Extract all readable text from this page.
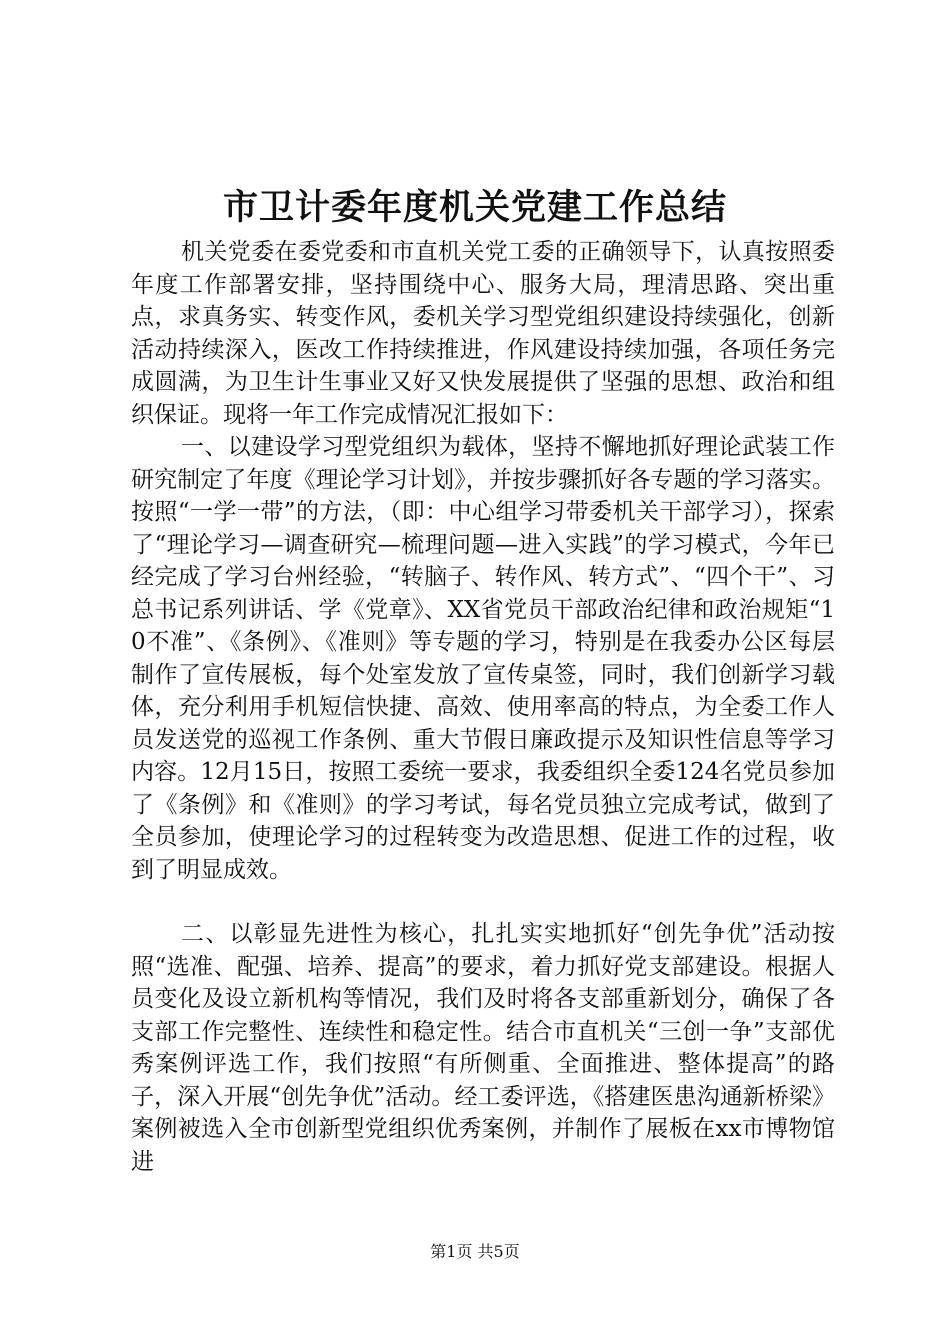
市卫计委年度机关党建工作总结

机关党委在委党委和市直机关党工委的正确领导下，认真按照委年度工作部署安排，坚持围绕中心、服务大局，理清思路、突出重点，求真务实、转变作风，委机关学习型党组织建设持续强化，创新活动持续深入，医改工作持续推进，作风建设持续加强，各项任务完成圆满，为卫生计生事业又好又快发展提供了坚强的思想、政治和组织保证。现将一年工作完成情况汇报如下：

一、以建设学习型党组织为载体，坚持不懈地抓好理论武装工作研究制定了年度《理论学习计划》，并按步骤抓好各专题的学习落实。按照“一学一带”的方法，（即：中心组学习带委机关干部学习），探索了“理论学习—调查研究—梳理问题—进入实践”的学习模式，今年已经完成了学习台州经验，“转脑子、转作风、转方式”、“四个干”、习总书记系列讲话、学《党章》、XX省党员干部政治纪律和政治规矩“10不准”、《条例》、《准则》等专题的学习，特别是在我委办公区每层制作了宣传展板，每个处室发放了宣传桌签，同时，我们创新学习载体，充分利用手机短信快捷、高效、使用率高的特点，为全委工作人员发送党的巡视工作条例、重大节假日廉政提示及知识性信息等学习内容。12月15日，按照工委统一要求，我委组织全委124名党员参加了《条例》和《准则》的学习考试，每名党员独立完成考试，做到了全员参加，使理论学习的过程转变为改造思想、促进工作的过程，收到了明显成效。

二、以彰显先进性为核心，扎扎实实地抓好“创先争优”活动按照“选准、配强、培养、提高”的要求，着力抓好党支部建设。根据人员变化及设立新机构等情况，我们及时将各支部重新划分，确保了各支部工作完整性、连续性和稳定性。结合市直机关“三创一争”支部优秀案例评选工作，我们按照“有所侧重、全面推进、整体提高”的路子，深入开展“创先争优”活动。经工委评选，《搭建医患沟通新桥梁》案例被选入全市创新型党组织优秀案例，并制作了展板在xx市博物馆进

第1页 共5页
